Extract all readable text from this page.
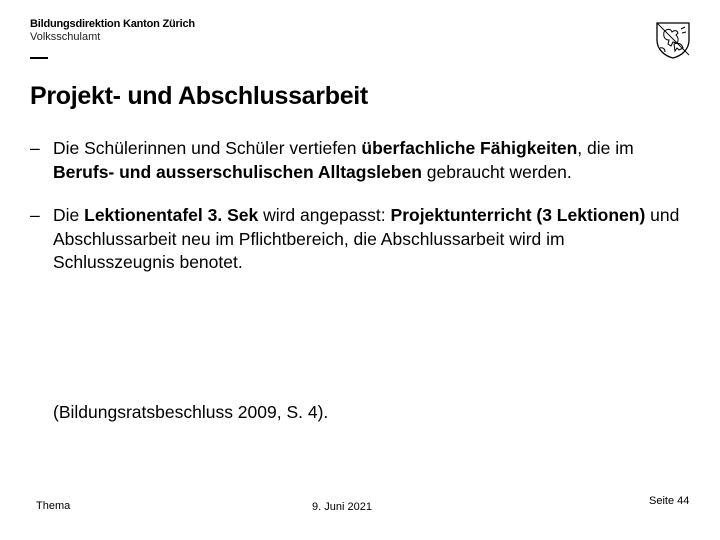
Bildungsdirektion Kanton Zürich
Volksschulamt
Projekt- und Abschlussarbeit
– Die Schülerinnen und Schüler vertiefen überfachliche Fähigkeiten, die im Berufs- und ausserschulischen Alltagsleben gebraucht werden.
– Die Lektionentafel 3. Sek wird angepasst: Projektunterricht (3 Lektionen) und Abschlussarbeit neu im Pflichtbereich, die Abschlussarbeit wird im Schlusszeugnis benotet.
(Bildungsratsbeschluss 2009, S. 4).
Thema	9. Juni 2021	Seite 44
